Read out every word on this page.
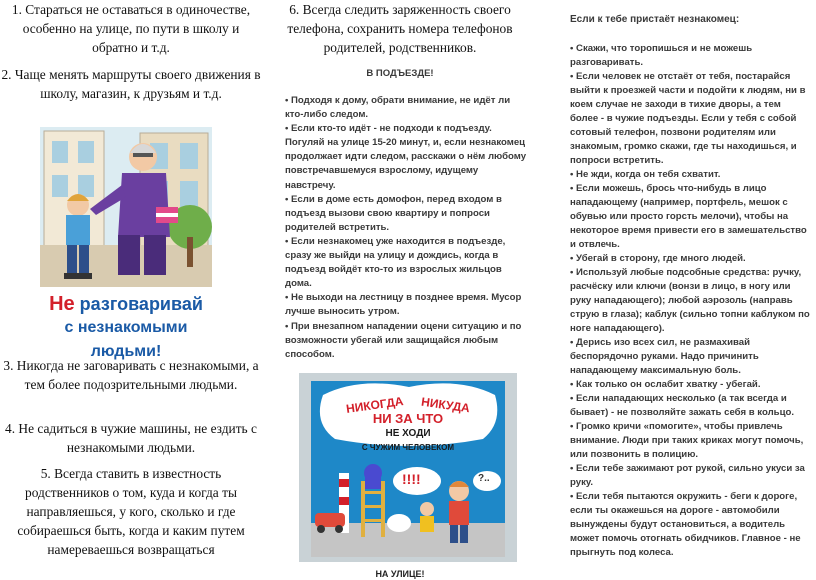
1. Стараться не оставаться в одиночестве, особенно на улице, по пути в школу и обратно и т.д.

2. Чаще менять маршруты своего движения в школу, магазин, к друзьям и т.д.

Не разговаривай
с незнакомыми людьми!

3. Никогда не заговаривать с незнакомыми, а тем более подозрительными людьми.

4. Не садиться в чужие машины, не ездить с незнакомыми людьми.

5. Всегда ставить в известность родственников о том, куда и когда ты направляешься, у кого, сколько и где собираешься быть, когда и каким путем намереваешься возвращаться

6. Всегда следить заряженность своего телефона, сохранить номера телефонов родителей, родственников.

В ПОДЪЕЗДЕ!
• Подходя к дому, обрати внимание, не идёт ли кто-либо следом.
• Если кто-то идёт - не подходи к подъезду. Погуляй на улице 15-20 минут, и, если незнакомец продолжает идти следом, расскажи о нём любому повстречавшемуся взрослому, идущему навстречу.
• Если в доме есть домофон, перед входом в подъезд вызови свою квартиру и попроси родителей встретить.
• Если незнакомец уже находится в подъезде, сразу же выйди на улицу и дождись, когда в подъезд войдёт кто-то из взрослых жильцов дома.
• Не выходи на лестницу в позднее время. Мусор лучше выносить утром.
• При внезапном нападении оцени ситуацию и по возможности убегай или защищайся любым способом.
НИКОГДА НИКУДА
НИ ЗА ЧТО
НЕ ХОДИ
С ЧУЖИМ ЧЕЛОВЕКОМ
!!!!	?..
НА УЛИЦЕ!
Если к тебе пристаёт незнакомец:
• Скажи, что торопишься и не можешь разговаривать.
• Если человек не отстаёт от тебя, постарайся выйти к проезжей части и подойти к людям, ни в коем случае не заходи в тихие дворы, а тем более - в чужие подъезды. Если у тебя с собой сотовый телефон, позвони родителям или знакомым, громко скажи, где ты находишься, и попроси встретить.
• Не жди, когда он тебя схватит.
• Если можешь, брось что-нибудь в лицо нападающему (например, портфель, мешок с обувью или просто горсть мелочи), чтобы на некоторое время привести его в замешательство и отвлечь.
• Убегай в сторону, где много людей.
• Используй любые подсобные средства: ручку, расчёску или ключи (вонзи в лицо, в ногу или руку нападающего); любой аэрозоль (направь струю в глаза); каблук (сильно топни каблуком по ноге нападающего).
• Дерись изо всех сил, не размахивай беспорядочно руками. Надо причинить нападающему максимальную боль.
• Как только он ослабит хватку - убегай.
• Если нападающих несколько (а так всегда и бывает) - не позволяйте зажать себя в кольцо.
• Громко кричи «помогите», чтобы привлечь внимание. Люди при таких криках могут помочь, или позвонить в полицию.
• Если тебе зажимают рот рукой, сильно укуси за руку.
• Если тебя пытаются окружить - беги к дороге, если ты окажешься на дороге - автомобили вынуждены будут остановиться, а водитель может помочь отогнать обидчиков. Главное - не прыгнуть под колеса.
